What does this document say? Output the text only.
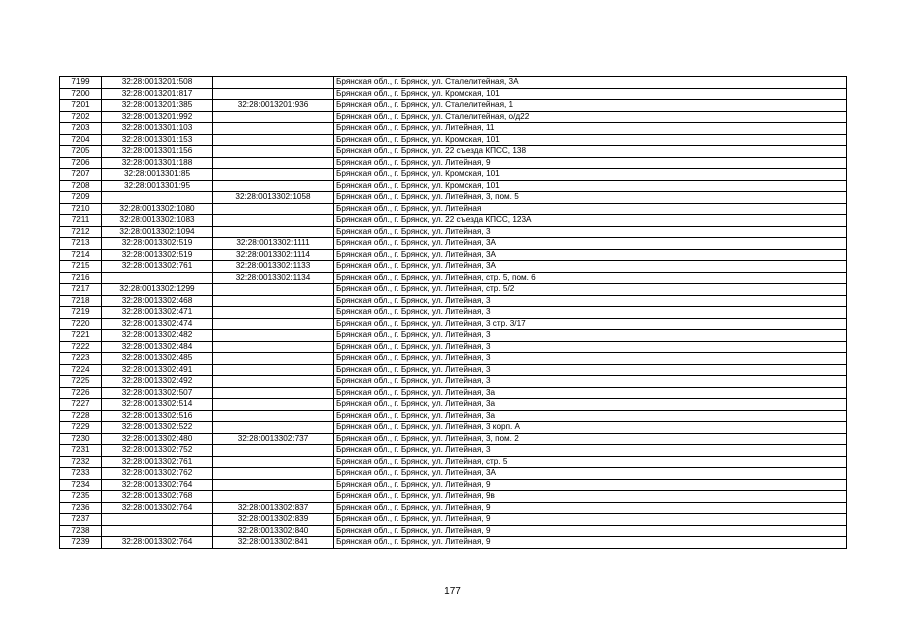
7199	32:28:0013201:508		Брянская обл., г. Брянск, ул. Сталелитейная, 3А
7200	32:28:0013201:817		Брянская обл., г. Брянск, ул. Кромская, 101
7201	32:28:0013201:385	32:28:0013201:936	Брянская обл., г. Брянск, ул. Сталелитейная, 1
7202	32:28:0013201:992		Брянская обл., г. Брянск, ул. Сталелитейная, о/д22
7203	32:28:0013301:103		Брянская обл., г. Брянск, ул. Литейная, 11
7204	32:28:0013301:153		Брянская обл., г. Брянск, ул. Кромская, 101
7205	32:28:0013301:156		Брянская обл., г. Брянск, ул. 22 съезда КПСС, 138
7206	32:28:0013301:188		Брянская обл., г. Брянск, ул. Литейная, 9
7207	32:28:0013301:85		Брянская обл., г. Брянск, ул. Кромская, 101
7208	32:28:0013301:95		Брянская обл., г. Брянск, ул. Кромская, 101
7209		32:28:0013302:1058	Брянская обл., г. Брянск, ул. Литейная, 3, пом. 5
7210	32:28:0013302:1080		Брянская обл., г. Брянск, ул. Литейная
7211	32:28:0013302:1083		Брянская обл., г. Брянск, ул. 22 съезда КПСС, 123А
7212	32:28:0013302:1094		Брянская обл., г. Брянск, ул. Литейная, 3
7213	32:28:0013302:519	32:28:0013302:1111	Брянская обл., г. Брянск, ул. Литейная, 3А
7214	32:28:0013302:519	32:28:0013302:1114	Брянская обл., г. Брянск, ул. Литейная, 3А
7215	32:28:0013302:761	32:28:0013302:1133	Брянская обл., г. Брянск, ул. Литейная, 3А
7216		32:28:0013302:1134	Брянская обл., г. Брянск, ул. Литейная, стр. 5, пом. 6
7217	32:28:0013302:1299		Брянская обл., г. Брянск, ул. Литейная, стр. 5/2
7218	32:28:0013302:468		Брянская обл., г. Брянск, ул. Литейная, 3
7219	32:28:0013302:471		Брянская обл., г. Брянск, ул. Литейная, 3
7220	32:28:0013302:474		Брянская обл., г. Брянск, ул. Литейная, 3 стр. 3/17
7221	32:28:0013302:482		Брянская обл., г. Брянск, ул. Литейная, 3
7222	32:28:0013302:484		Брянская обл., г. Брянск, ул. Литейная, 3
7223	32:28:0013302:485		Брянская обл., г. Брянск, ул. Литейная, 3
7224	32:28:0013302:491		Брянская обл., г. Брянск, ул. Литейная, 3
7225	32:28:0013302:492		Брянская обл., г. Брянск, ул. Литейная, 3
7226	32:28:0013302:507		Брянская обл., г. Брянск, ул. Литейная, 3а
7227	32:28:0013302:514		Брянская обл., г. Брянск, ул. Литейная, 3а
7228	32:28:0013302:516		Брянская обл., г. Брянск, ул. Литейная, 3а
7229	32:28:0013302:522		Брянская обл., г. Брянск, ул. Литейная, 3 корп. А
7230	32:28:0013302:480	32:28:0013302:737	Брянская обл., г. Брянск, ул. Литейная, 3, пом. 2
7231	32:28:0013302:752		Брянская обл., г. Брянск, ул. Литейная, 3
7232	32:28:0013302:761		Брянская обл., г. Брянск, ул. Литейная, стр. 5
7233	32:28:0013302:762		Брянская обл., г. Брянск, ул. Литейная, 3А
7234	32:28:0013302:764		Брянская обл., г. Брянск, ул. Литейная, 9
7235	32:28:0013302:768		Брянская обл., г. Брянск, ул. Литейная, 9в
7236	32:28:0013302:764	32:28:0013302:837	Брянская обл., г. Брянск, ул. Литейная, 9
7237		32:28:0013302:839	Брянская обл., г. Брянск, ул. Литейная, 9
7238		32:28:0013302:840	Брянская обл., г. Брянск, ул. Литейная, 9
7239	32:28:0013302:764	32:28:0013302:841	Брянская обл., г. Брянск, ул. Литейная, 9
177
